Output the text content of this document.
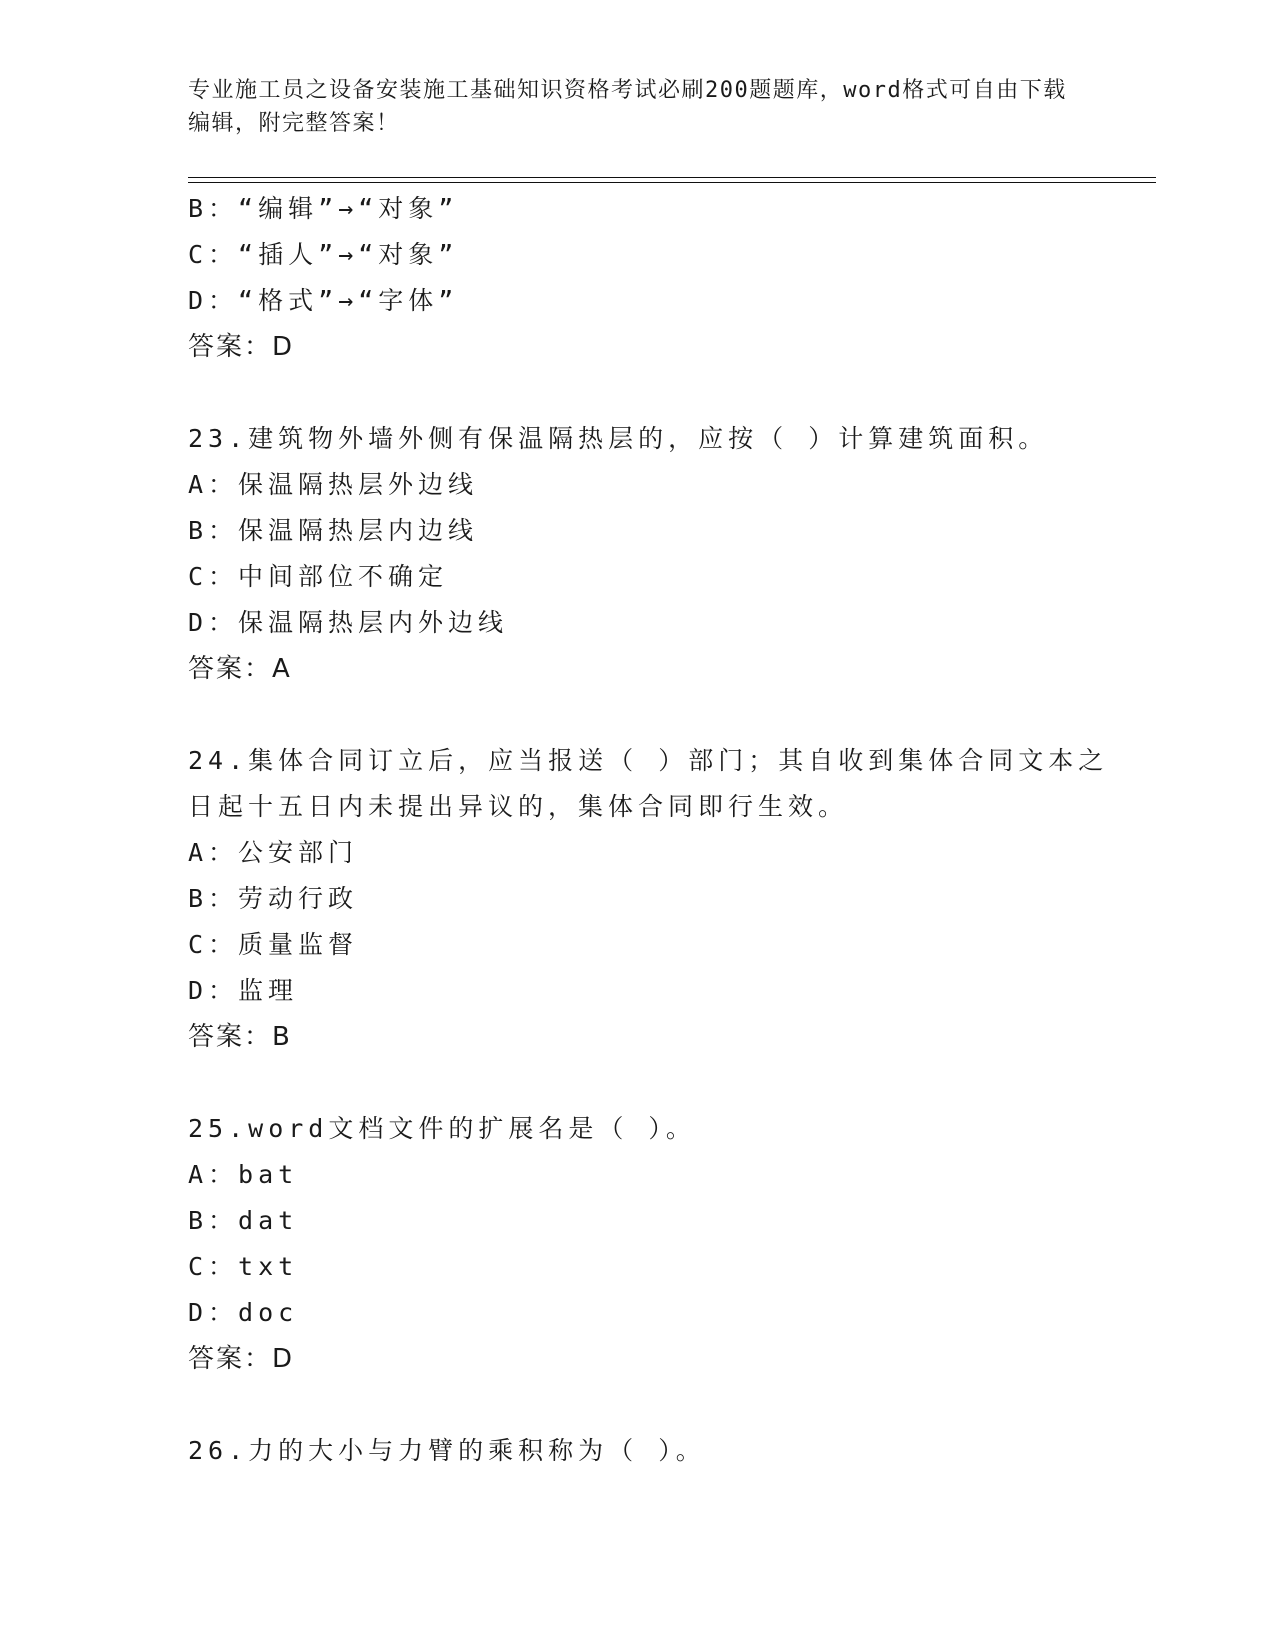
专业施工员之设备安装施工基础知识资格考试必刷200题题库，word格式可自由下载编辑，附完整答案！
B：“编辑”→“对象”
C：“插人”→“对象”
D：“格式”→“字体”
答案：D
23.建筑物外墙外侧有保温隔热层的，应按（ ）计算建筑面积。
A：保温隔热层外边线
B：保温隔热层内边线
C：中间部位不确定
D：保温隔热层内外边线
答案：A
24.集体合同订立后，应当报送（ ）部门；其自收到集体合同文本之
日起十五日内未提出异议的，集体合同即行生效。
A：公安部门
B：劳动行政
C：质量监督
D：监理
答案：B
25.word文档文件的扩展名是（ ）。
A：bat
B：dat
C：txt
D：doc
答案：D
26.力的大小与力臂的乘积称为（ ）。
